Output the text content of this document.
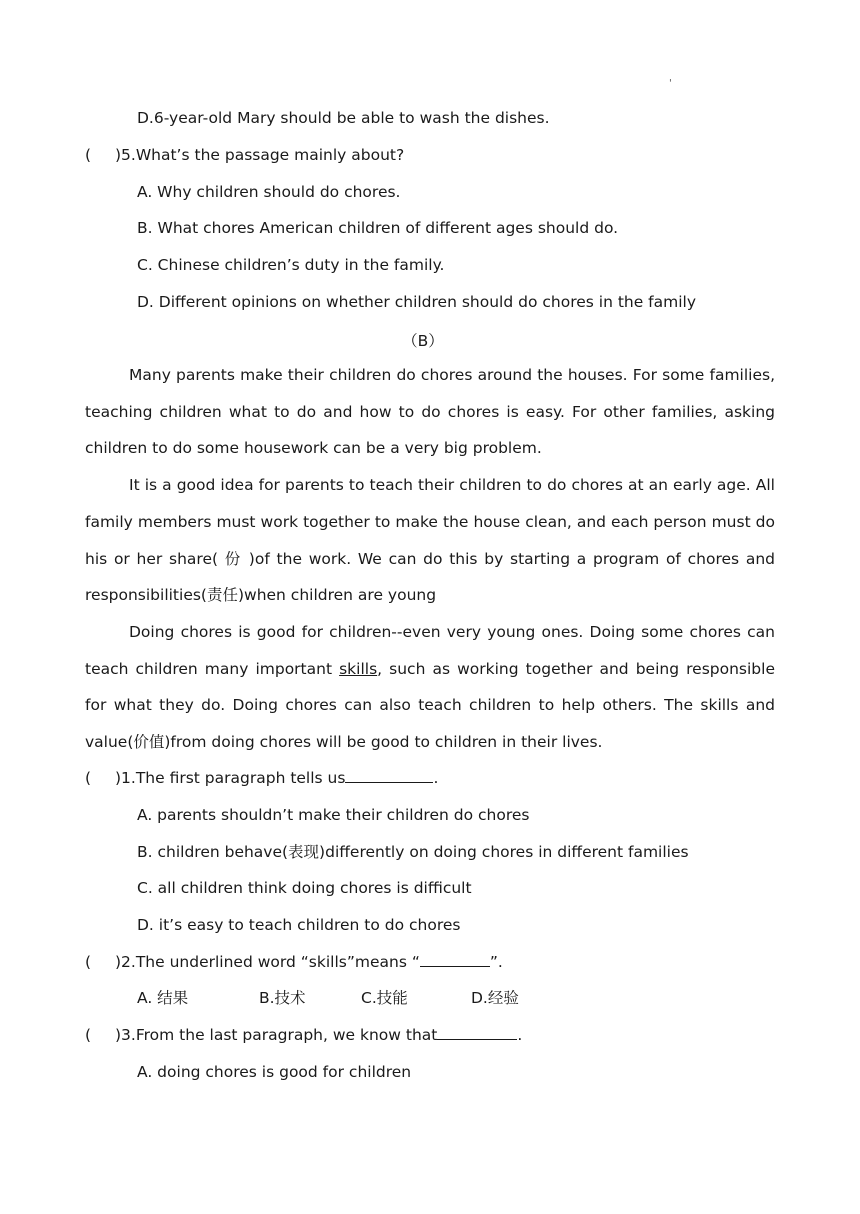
'
D.6-year-old Mary should be able to wash the dishes.
( )5.What’s the passage mainly about?
A. Why children should do chores.
B. What chores American children of different ages should do.
C. Chinese children’s duty in the family.
D. Different opinions on whether children should do chores in the family
（B）

Many parents make their children do chores around the houses. For some families, teaching children what to do and how to do chores is easy. For other families, asking children to do some housework can be a very big problem.

It is a good idea for parents to teach their children to do chores at an early age. All family members must work together to make the house clean, and each person must do his or her share( 份 )of the work. We can do this by starting a program of chores and responsibilities(责任)when children are young

Doing chores is good for children--even very young ones. Doing some chores can teach children many important skills, such as working together and being responsible for what they do. Doing chores can also teach children to help others. The skills and value(价值)from doing chores will be good to children in their lives.

( )1.The first paragraph tells us	.
A. parents shouldn’t make their children do chores
B. children behave(表现)differently on doing chores in different families
C. all children think doing chores is difficult
D. it’s easy to teach children to do chores
( )2.The underlined word “skills”means “	”.
A. 结果	B.技术	C.技能	D.经验
( )3.From the last paragraph, we know that	.
A. doing chores is good for children
